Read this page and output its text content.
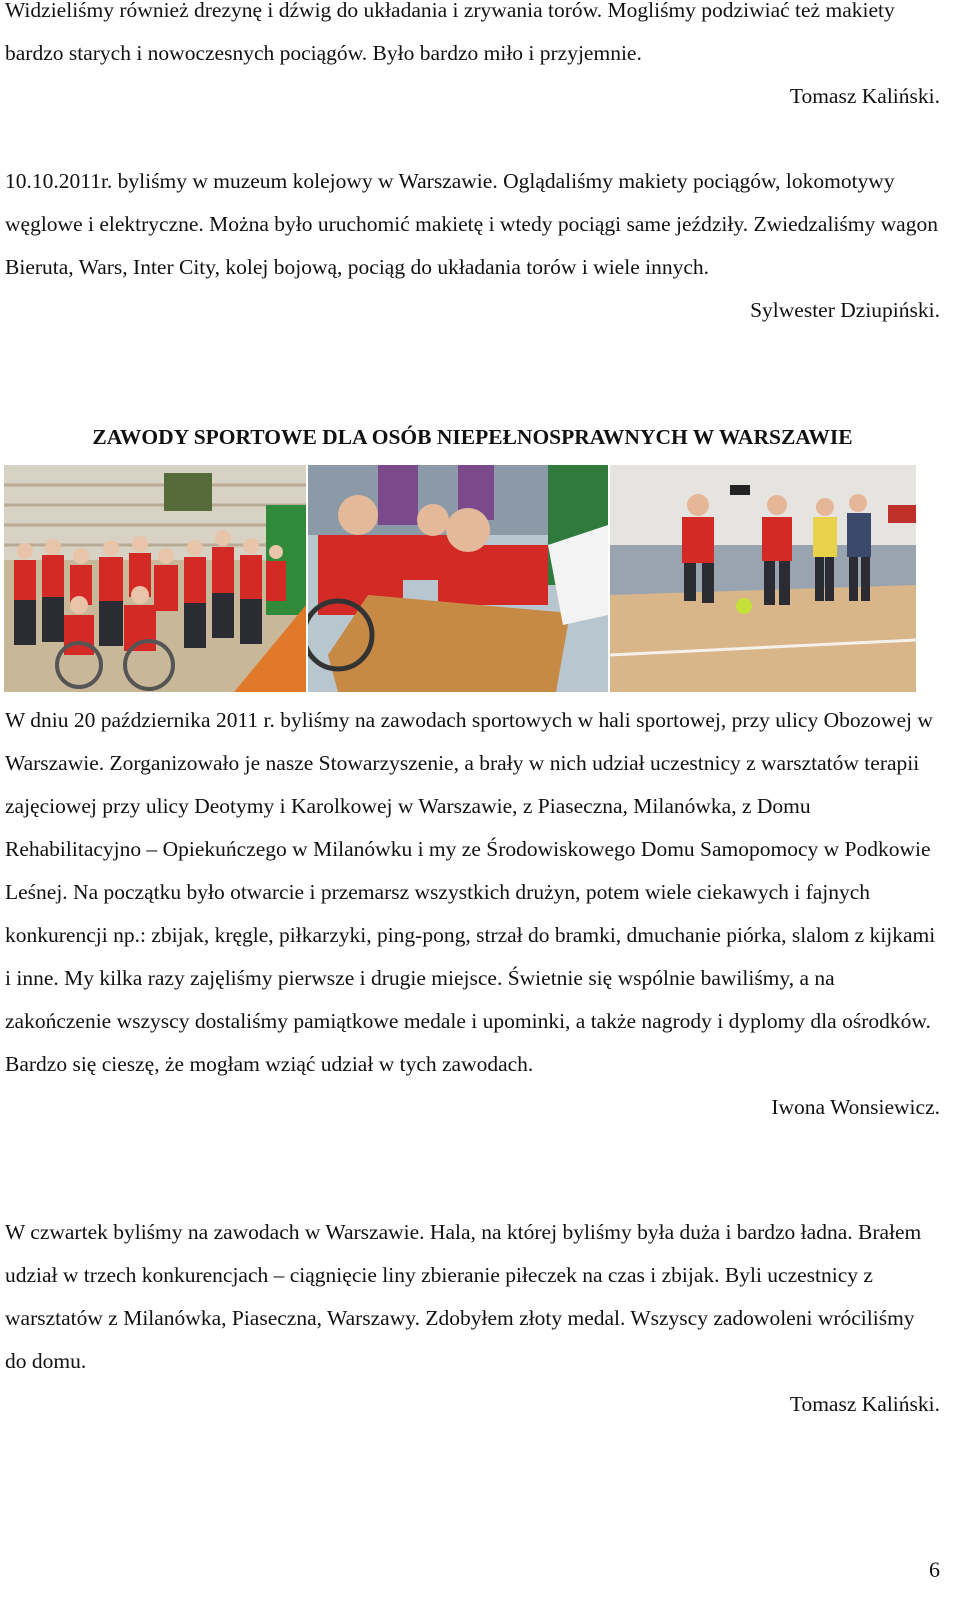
Widzieliśmy również drezynę i dźwig do układania i zrywania torów. Mogliśmy podziwiać też makiety bardzo starych i nowoczesnych pociągów. Było bardzo miło i przyjemnie.

Tomasz Kaliński.

10.10.2011r. byliśmy w muzeum kolejowy w Warszawie. Oglądaliśmy makiety pociągów, lokomotywy węglowe i elektryczne. Można było uruchomić makietę i wtedy pociągi same jeździły. Zwiedzaliśmy wagon Bieruta, Wars, Inter City, kolej bojową, pociąg do układania torów i wiele innych.

Sylwester Dziupiński.

ZAWODY SPORTOWE DLA OSÓB NIEPEŁNOSPRAWNYCH W WARSZAWIE

W dniu 20 października 2011 r. byliśmy na zawodach sportowych w hali sportowej, przy ulicy Obozowej w Warszawie. Zorganizowało je nasze Stowarzyszenie, a brały w nich udział uczestnicy z warsztatów terapii zajęciowej przy ulicy Deotymy i Karolkowej w Warszawie, z Piaseczna, Milanówka, z Domu Rehabilitacyjno – Opiekuńczego w Milanówku i my ze Środowiskowego Domu Samopomocy w Podkowie Leśnej. Na początku było otwarcie i przemarsz wszystkich drużyn, potem wiele ciekawych i fajnych konkurencji np.: zbijak, kręgle, piłkarzyki, ping-pong, strzał do bramki, dmuchanie piórka, slalom z kijkami i inne. My kilka razy zajęliśmy pierwsze i drugie miejsce. Świetnie się wspólnie bawiliśmy, a na zakończenie wszyscy dostaliśmy pamiątkowe medale i upominki, a także nagrody i dyplomy dla ośrodków. Bardzo się cieszę, że mogłam wziąć udział w tych zawodach.

Iwona Wonsiewicz.

W czwartek byliśmy na zawodach w Warszawie. Hala, na której byliśmy była duża i bardzo ładna. Brałem udział w trzech konkurencjach – ciągnięcie liny zbieranie piłeczek na czas i zbijak. Byli uczestnicy z warsztatów z Milanówka, Piaseczna, Warszawy. Zdobyłem złoty medal. Wszyscy zadowoleni wróciliśmy do domu.

Tomasz Kaliński.

6
